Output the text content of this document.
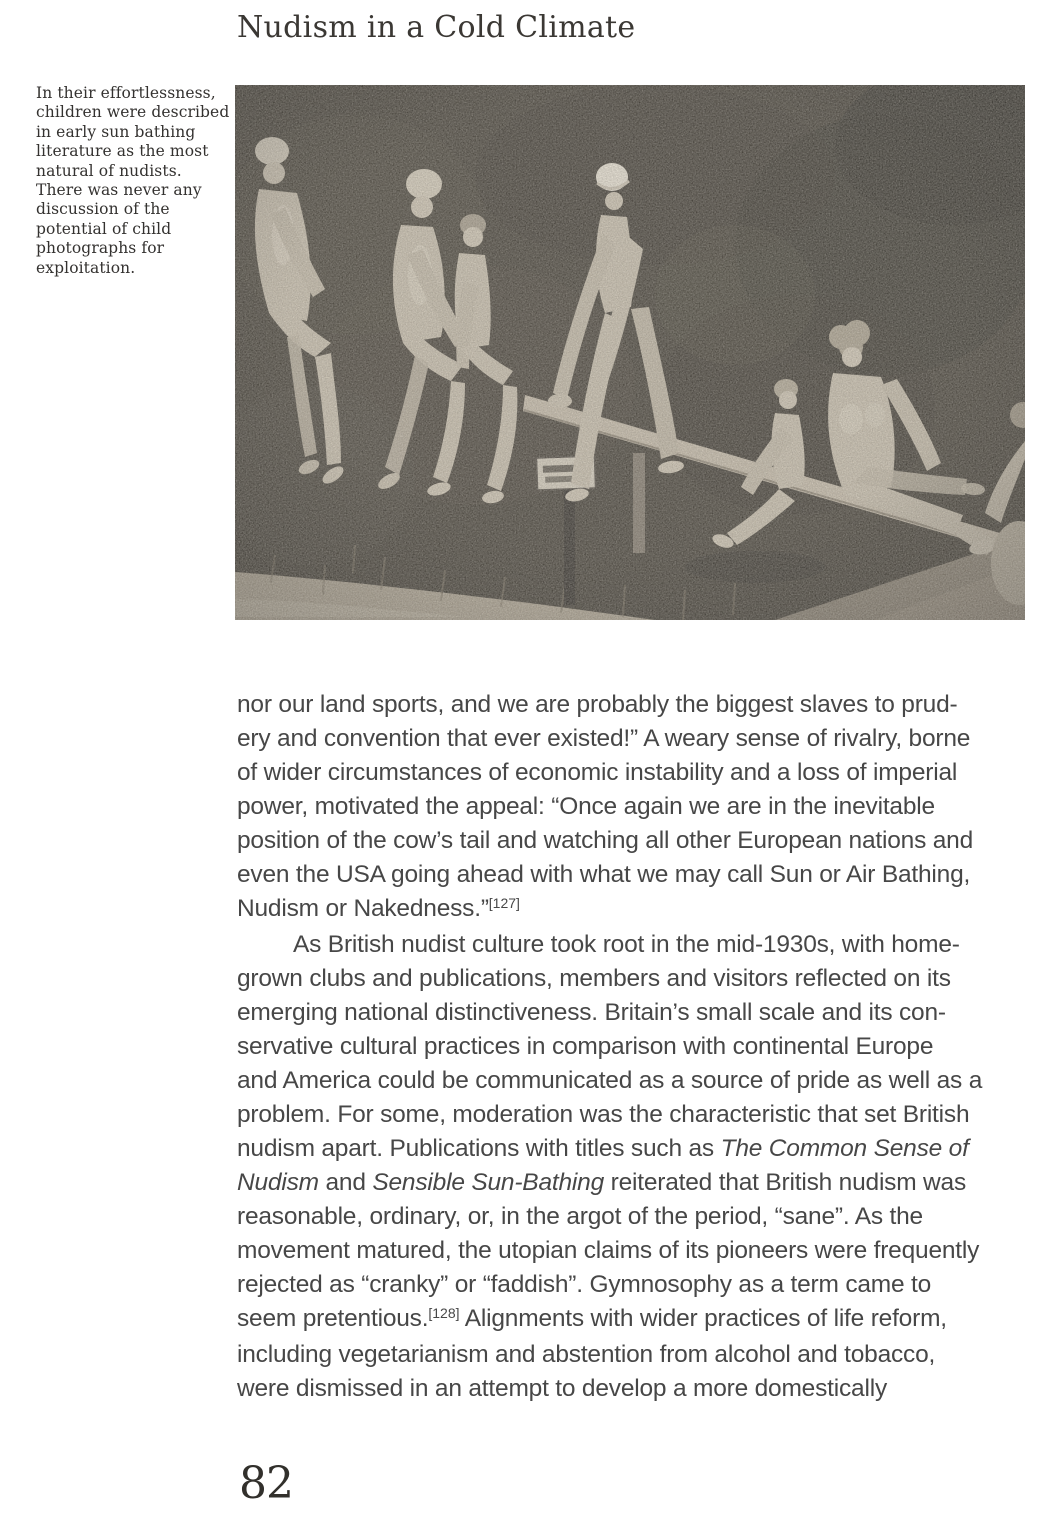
Nudism in a Cold Climate
In their effortlessness,
children were described
in early sun bathing
literature as the most
natural of nudists.
There was never any
discussion of the
potential of child
photographs for
exploitation.
nor our land sports, and we are probably the biggest slaves to prud-
ery and convention that ever existed!” A weary sense of rivalry, borne
of wider circumstances of economic instability and a loss of imperial
power, motivated the appeal: “Once again we are in the inevitable
position of the cow’s tail and watching all other European nations and
even the USA going ahead with what we may call Sun or Air Bathing,
Nudism or Nakedness.”[127]
As British nudist culture took root in the mid-1930s, with home-
grown clubs and publications, members and visitors reflected on its
emerging national distinctiveness. Britain’s small scale and its con-
servative cultural practices in comparison with continental Europe
and America could be communicated as a source of pride as well as a
problem. For some, moderation was the characteristic that set British
nudism apart. Publications with titles such as The Common Sense of
Nudism and Sensible Sun-Bathing reiterated that British nudism was
reasonable, ordinary, or, in the argot of the period, “sane”. As the
movement matured, the utopian claims of its pioneers were frequently
rejected as “cranky” or “faddish”. Gymnosophy as a term came to
seem pretentious.[128] Alignments with wider practices of life reform,
including vegetarianism and abstention from alcohol and tobacco,
were dismissed in an attempt to develop a more domestically
82
